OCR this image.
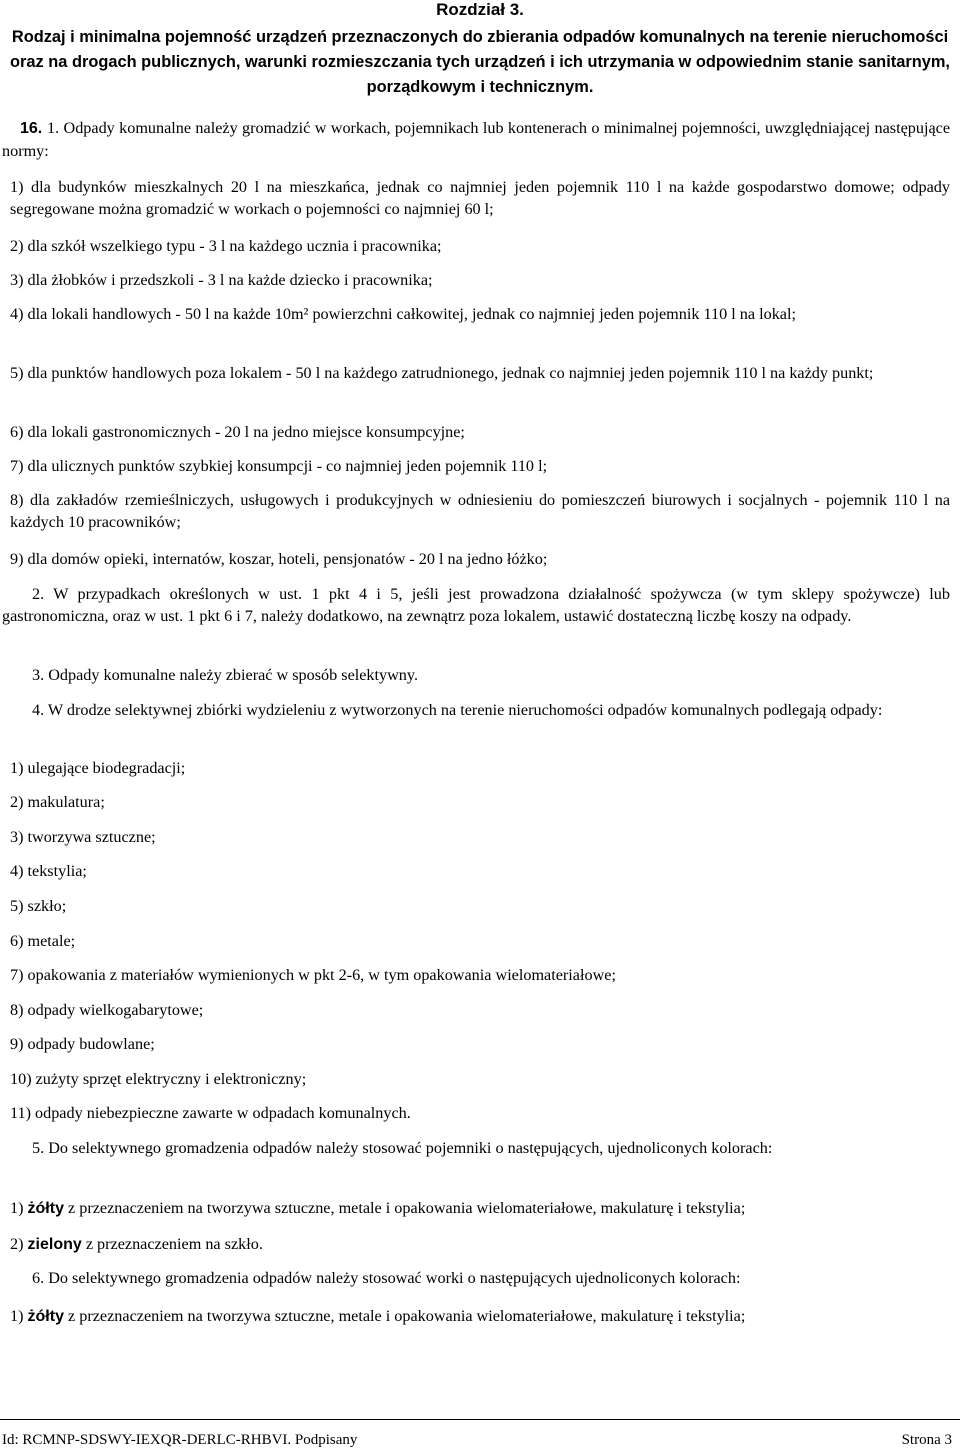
Rozdział 3.
Rodzaj i minimalna pojemność urządzeń przeznaczonych do zbierania odpadów komunalnych na terenie nieruchomości oraz na drogach publicznych, warunki rozmieszczania tych urządzeń i ich utrzymania w odpowiednim stanie sanitarnym, porządkowym i technicznym.
16. 1. Odpady komunalne należy gromadzić w workach, pojemnikach lub kontenerach o minimalnej pojemności, uwzględniającej następujące normy:
1) dla budynków mieszkalnych 20 l na mieszkańca, jednak co najmniej jeden pojemnik 110 l na każde gospodarstwo domowe; odpady segregowane można gromadzić w workach o pojemności co najmniej 60 l;
2) dla szkół wszelkiego typu - 3 l na każdego ucznia i pracownika;
3) dla żłobków i przedszkoli - 3 l na każde dziecko i pracownika;
4) dla lokali handlowych - 50 l na każde 10m² powierzchni całkowitej, jednak co najmniej jeden pojemnik 110 l na lokal;
5) dla punktów handlowych poza lokalem - 50 l na każdego zatrudnionego, jednak co najmniej jeden pojemnik 110 l na każdy punkt;
6) dla lokali gastronomicznych - 20 l na jedno miejsce konsumpcyjne;
7) dla ulicznych punktów szybkiej konsumpcji - co najmniej jeden pojemnik 110 l;
8) dla zakładów rzemieślniczych, usługowych i produkcyjnych w odniesieniu do pomieszczeń biurowych i socjalnych - pojemnik 110 l na każdych 10 pracowników;
9) dla domów opieki, internatów, koszar, hoteli, pensjonatów - 20 l na jedno łóżko;
2. W przypadkach określonych w ust. 1 pkt 4 i 5, jeśli jest prowadzona działalność spożywcza (w tym sklepy spożywcze) lub gastronomiczna, oraz w ust. 1 pkt 6 i 7, należy dodatkowo, na zewnątrz poza lokalem, ustawić dostateczną liczbę koszy na odpady.
3. Odpady komunalne należy zbierać w sposób selektywny.
4. W drodze selektywnej zbiórki wydzieleniu z wytworzonych na terenie nieruchomości odpadów komunalnych podlegają odpady:
1) ulegające biodegradacji;
2) makulatura;
3) tworzywa sztuczne;
4) tekstylia;
5) szkło;
6) metale;
7) opakowania z materiałów wymienionych w pkt 2-6, w tym opakowania wielomateriałowe;
8) odpady wielkogabarytowe;
9) odpady budowlane;
10) zużyty sprzęt elektryczny i elektroniczny;
11) odpady niebezpieczne zawarte w odpadach komunalnych.
5. Do selektywnego gromadzenia odpadów należy stosować pojemniki o następujących, ujednoliconych kolorach:
1) żółty z przeznaczeniem na tworzywa sztuczne, metale i opakowania wielomateriałowe, makulaturę i tekstylia;
2) zielony z przeznaczeniem na szkło.
6. Do selektywnego gromadzenia odpadów należy stosować worki o następujących ujednoliconych kolorach:
1) żółty z przeznaczeniem na tworzywa sztuczne, metale i opakowania wielomateriałowe, makulaturę i tekstylia;
Id: RCMNP-SDSWY-IEXQR-DERLC-RHBVI. Podpisany	Strona 3
